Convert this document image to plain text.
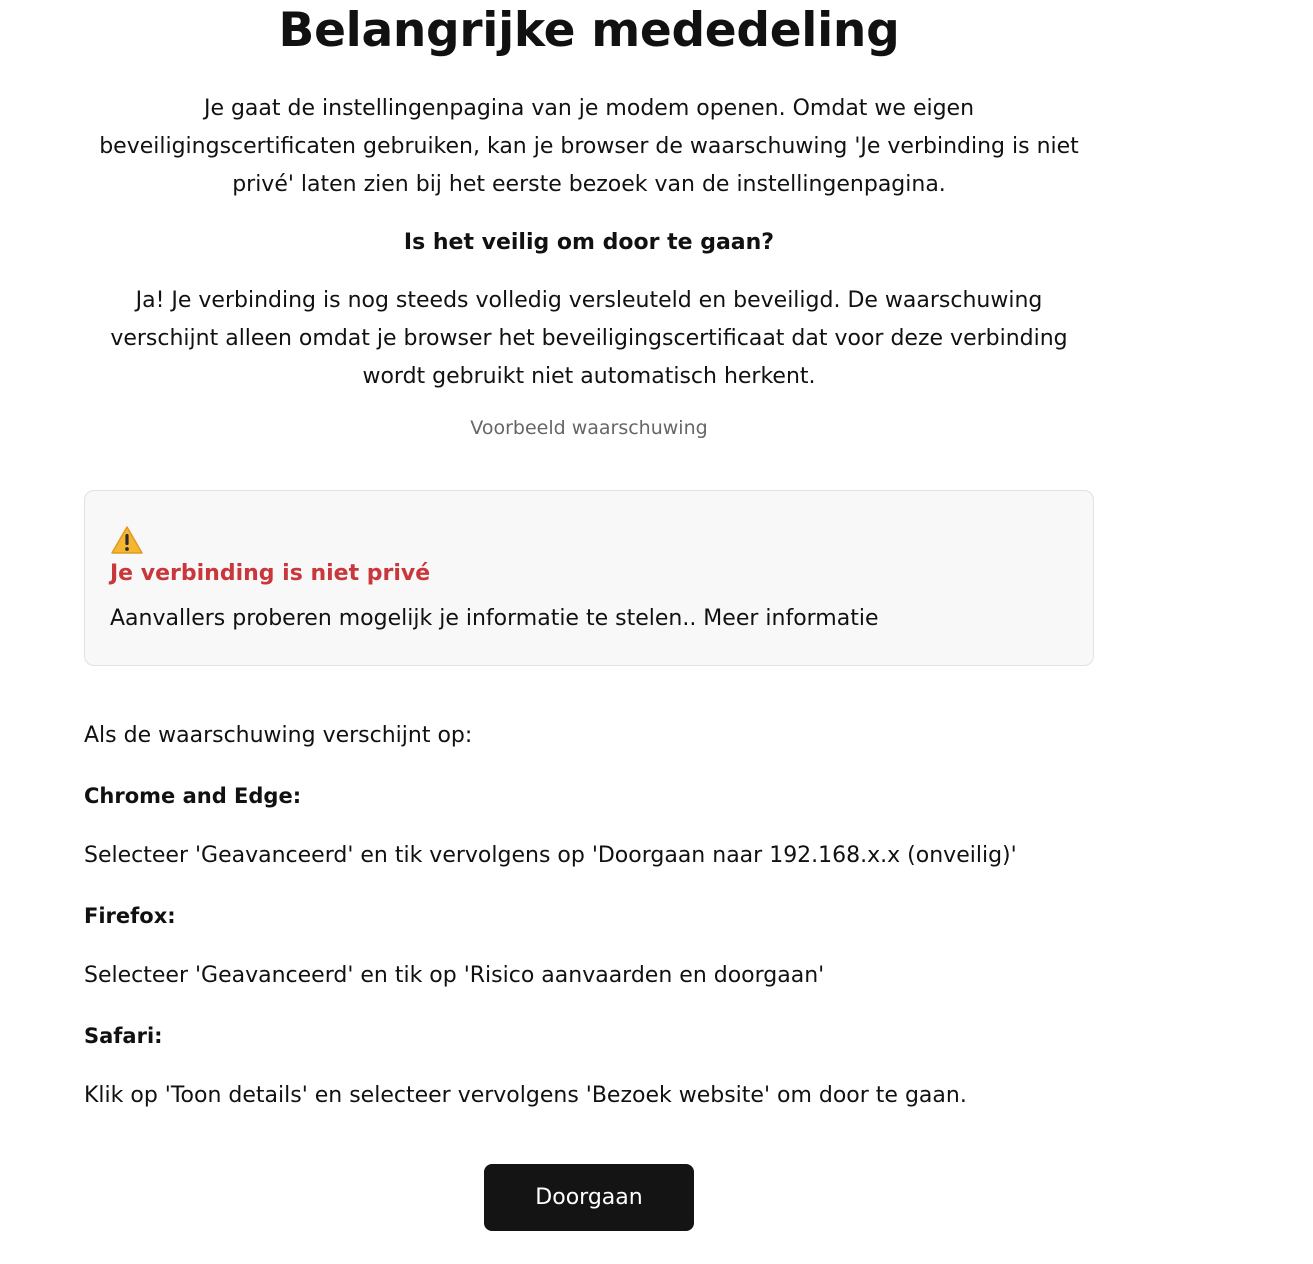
Belangrijke mededeling

Je gaat de instellingenpagina van je modem openen. Omdat we eigen beveiligingscertificaten gebruiken, kan je browser de waarschuwing 'Je verbinding is niet privé' laten zien bij het eerste bezoek van de instellingenpagina.

Is het veilig om door te gaan?

Ja! Je verbinding is nog steeds volledig versleuteld en beveiligd. De waarschuwing verschijnt alleen omdat je browser het beveiligingscertificaat dat voor deze verbinding wordt gebruikt niet automatisch herkent.

Voorbeeld waarschuwing

Je verbinding is niet privé

Aanvallers proberen mogelijk je informatie te stelen.. Meer informatie

Als de waarschuwing verschijnt op:

Chrome and Edge:

Selecteer 'Geavanceerd' en tik vervolgens op 'Doorgaan naar 192.168.x.x (onveilig)'

Firefox:

Selecteer 'Geavanceerd' en tik op 'Risico aanvaarden en doorgaan'

Safari:

Klik op 'Toon details' en selecteer vervolgens 'Bezoek website' om door te gaan.

Doorgaan
